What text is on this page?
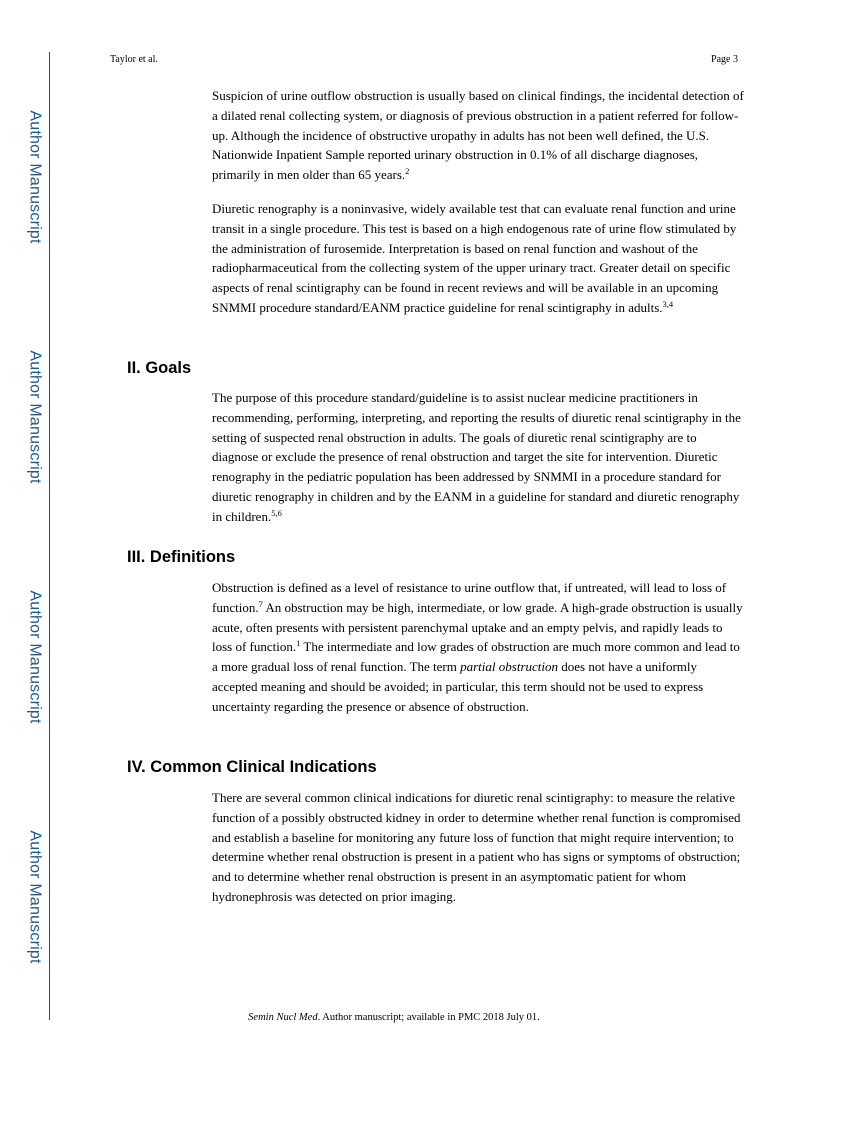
Author Manuscript
Author Manuscript
Author Manuscript
Author Manuscript
Taylor et al.	Page 3

Suspicion of urine outflow obstruction is usually based on clinical findings, the incidental detection of a dilated renal collecting system, or diagnosis of previous obstruction in a patient referred for follow-up. Although the incidence of obstructive uropathy in adults has not been well defined, the U.S. Nationwide Inpatient Sample reported urinary obstruction in 0.1% of all discharge diagnoses, primarily in men older than 65 years.$^2$

Diuretic renography is a noninvasive, widely available test that can evaluate renal function and urine transit in a single procedure. This test is based on a high endogenous rate of urine flow stimulated by the administration of furosemide. Interpretation is based on renal function and washout of the radiopharmaceutical from the collecting system of the upper urinary tract. Greater detail on specific aspects of renal scintigraphy can be found in recent reviews and will be available in an upcoming SNMMI procedure standard/EANM practice guideline for renal scintigraphy in adults.$^{3,4}$

II. Goals

The purpose of this procedure standard/guideline is to assist nuclear medicine practitioners in recommending, performing, interpreting, and reporting the results of diuretic renal scintigraphy in the setting of suspected renal obstruction in adults. The goals of diuretic renal scintigraphy are to diagnose or exclude the presence of renal obstruction and target the site for intervention. Diuretic renography in the pediatric population has been addressed by SNMMI in a procedure standard for diuretic renography in children and by the EANM in a guideline for standard and diuretic renography in children.$^{5,6}$

III. Definitions

Obstruction is defined as a level of resistance to urine outflow that, if untreated, will lead to loss of function.$^7$ An obstruction may be high, intermediate, or low grade. A high-grade obstruction is usually acute, often presents with persistent parenchymal uptake and an empty pelvis, and rapidly leads to loss of function.$^1$ The intermediate and low grades of obstruction are much more common and lead to a more gradual loss of renal function. The term partial obstruction does not have a uniformly accepted meaning and should be avoided; in particular, this term should not be used to express uncertainty regarding the presence or absence of obstruction.

IV. Common Clinical Indications

There are several common clinical indications for diuretic renal scintigraphy: to measure the relative function of a possibly obstructed kidney in order to determine whether renal function is compromised and establish a baseline for monitoring any future loss of function that might require intervention; to determine whether renal obstruction is present in a patient who has signs or symptoms of obstruction; and to determine whether renal obstruction is present in an asymptomatic patient for whom hydronephrosis was detected on prior imaging.

Semin Nucl Med. Author manuscript; available in PMC 2018 July 01.
